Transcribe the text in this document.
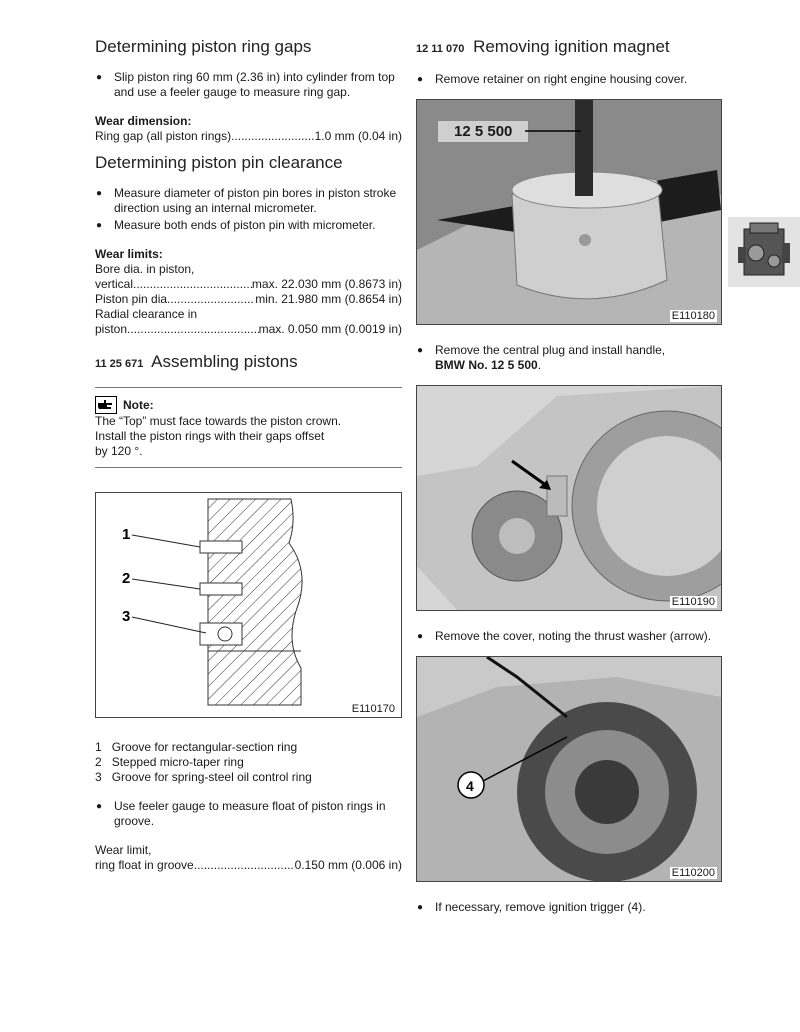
Determining piston ring gaps
● Slip piston ring 60 mm (2.36 in) into cylinder from top and use a feeler gauge to measure ring gap.
Wear dimension:
Ring gap (all piston rings) .....	1.0 mm (0.04 in)
Determining piston pin clearance
● Measure diameter of piston pin bores in piston stroke direction using an internal micrometer.
● Measure both ends of piston pin with micrometer.
Wear limits:
Bore dia. in piston,
vertical .....	max. 22.030 mm (0.8673 in)
Piston pin dia. .....	min. 21.980 mm (0.8654 in)
Radial clearance in
piston .....	max. 0.050 mm (0.0019 in)
11 25 671 Assembling pistons
Note:
The “Top” must face towards the piston crown.
Install the piston rings with their gaps offset
by 120 °.
1
2
3
E110170
1 Groove for rectangular-section ring
2 Stepped micro-taper ring
3 Groove for spring-steel oil control ring
● Use feeler gauge to measure float of piston rings in groove.
Wear limit,
ring float in groove .....	0.150 mm (0.006 in)
12 11 070 Removing ignition magnet
● Remove retainer on right engine housing cover.
12 5 500
E110180
● Remove the central plug and install handle,
BMW No. 12 5 500.
E110190
● Remove the cover, noting the thrust washer (arrow).
4
E110200
● If necessary, remove ignition trigger (4).
